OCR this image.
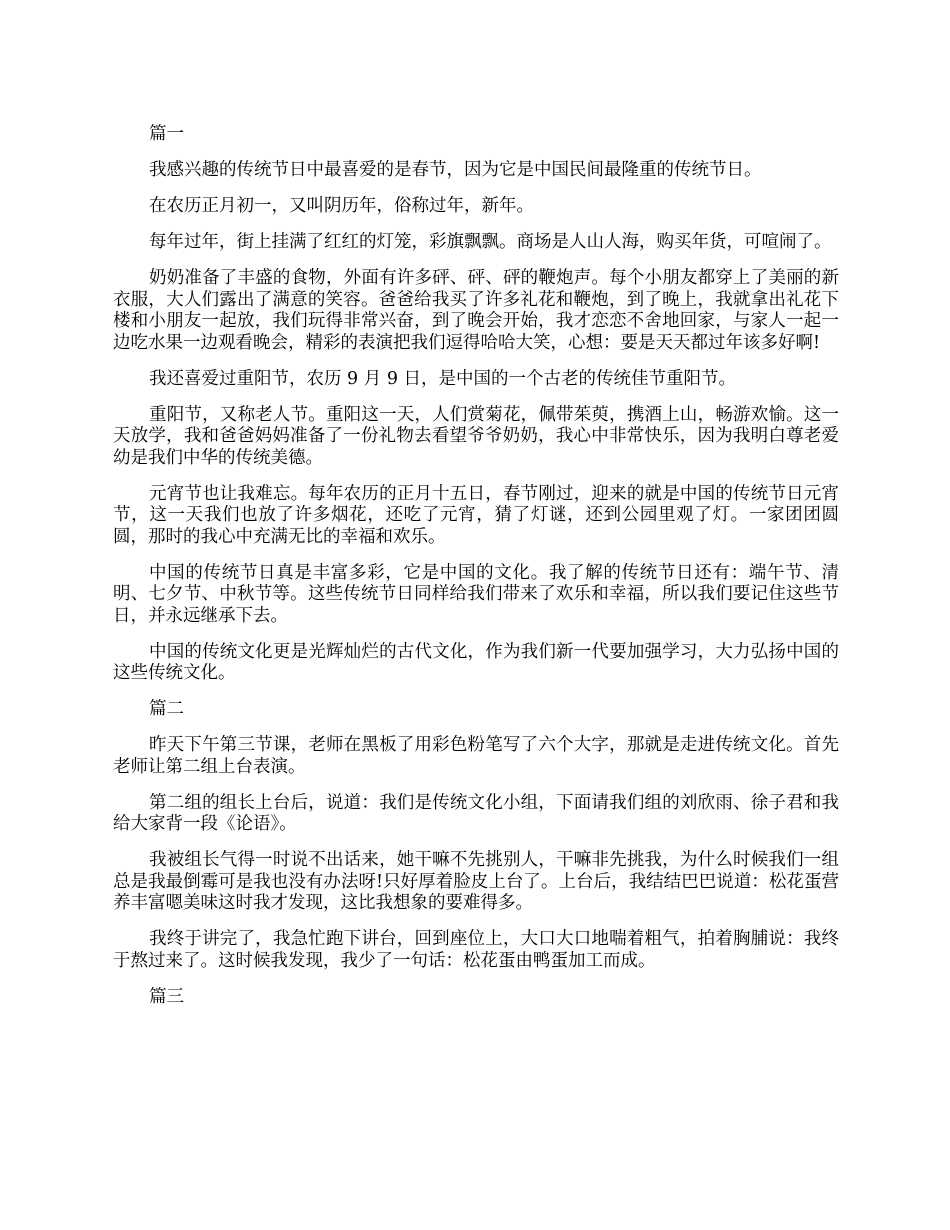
篇一

我感兴趣的传统节日中最喜爱的是春节，因为它是中国民间最隆重的传统节日。

在农历正月初一，又叫阴历年，俗称过年，新年。

每年过年，街上挂满了红红的灯笼，彩旗飘飘。商场是人山人海，购买年货，可喧闹了。

奶奶准备了丰盛的食物，外面有许多砰、砰、砰的鞭炮声。每个小朋友都穿上了美丽的新衣服，大人们露出了满意的笑容。爸爸给我买了许多礼花和鞭炮，到了晚上，我就拿出礼花下楼和小朋友一起放，我们玩得非常兴奋，到了晚会开始，我才恋恋不舍地回家，与家人一起一边吃水果一边观看晚会，精彩的表演把我们逗得哈哈大笑，心想：要是天天都过年该多好啊!

我还喜爱过重阳节，农历 9 月 9 日，是中国的一个古老的传统佳节重阳节。

重阳节，又称老人节。重阳这一天，人们赏菊花，佩带茱萸，携酒上山，畅游欢愉。这一天放学，我和爸爸妈妈准备了一份礼物去看望爷爷奶奶，我心中非常快乐，因为我明白尊老爱幼是我们中华的传统美德。

元宵节也让我难忘。每年农历的正月十五日，春节刚过，迎来的就是中国的传统节日元宵节，这一天我们也放了许多烟花，还吃了元宵，猜了灯谜，还到公园里观了灯。一家团团圆圆，那时的我心中充满无比的幸福和欢乐。

中国的传统节日真是丰富多彩，它是中国的文化。我了解的传统节日还有：端午节、清明、七夕节、中秋节等。这些传统节日同样给我们带来了欢乐和幸福，所以我们要记住这些节日，并永远继承下去。

中国的传统文化更是光辉灿烂的古代文化，作为我们新一代要加强学习，大力弘扬中国的这些传统文化。

篇二

昨天下午第三节课，老师在黑板了用彩色粉笔写了六个大字，那就是走进传统文化。首先老师让第二组上台表演。

第二组的组长上台后，说道：我们是传统文化小组，下面请我们组的刘欣雨、徐子君和我给大家背一段《论语》。

我被组长气得一时说不出话来，她干嘛不先挑别人，干嘛非先挑我，为什么时候我们一组总是我最倒霉可是我也没有办法呀!只好厚着脸皮上台了。上台后，我结结巴巴说道：松花蛋营养丰富嗯美味这时我才发现，这比我想象的要难得多。

我终于讲完了，我急忙跑下讲台，回到座位上，大口大口地喘着粗气，拍着胸脯说：我终于熬过来了。这时候我发现，我少了一句话：松花蛋由鸭蛋加工而成。

篇三
